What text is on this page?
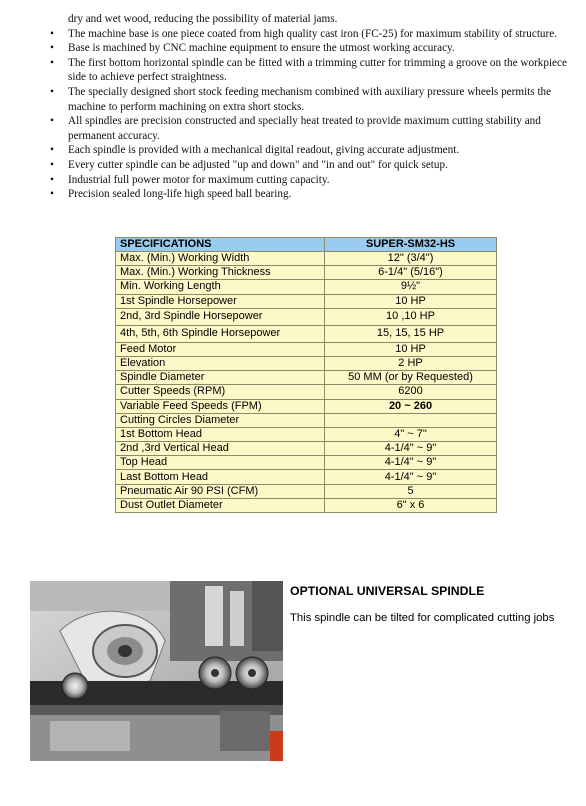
dry and wet wood, reducing the possibility of material jams.
• The machine base is one piece coated from high quality cast iron (FC-25) for maximum stability of structure.
• Base is machined by CNC machine equipment to ensure the utmost working accuracy.
• The first bottom horizontal spindle can be fitted with a trimming cutter for trimming a groove on the workpiece side to achieve perfect straightness.
• The specially designed short stock feeding mechanism combined with auxiliary pressure wheels permits the machine to perform machining on extra short stocks.
• All spindles are precision constructed and specially heat treated to provide maximum cutting stability and permanent accuracy.
• Each spindle is provided with a mechanical digital readout, giving accurate adjustment.
• Every cutter spindle can be adjusted "up and down" and "in and out" for quick setup.
• Industrial full power motor for maximum cutting capacity.
• Precision sealed long-life high speed ball bearing.
SPECIFICATIONS	SUPER-SM32-HS
Max. (Min.) Working Width	12" (3/4")
Max. (Min.) Working Thickness	6-1/4" (5/16")
Min. Working Length	9½"
1st Spindle Horsepower	10 HP
2nd, 3rd Spindle Horsepower	10 ,10 HP
4th, 5th, 6th Spindle Horsepower	15, 15, 15 HP
Feed Motor	10 HP
Elevation	2 HP
Spindle Diameter	50 MM (or by Requested)
Cutter Speeds (RPM)	6200
Variable Feed Speeds (FPM)	20 ~ 260
Cutting Circles Diameter	
1st Bottom Head	4" ~ 7"
2nd ,3rd Vertical Head	4-1/4" ~ 9"
Top Head	4-1/4" ~ 9"
Last Bottom Head	4-1/4" ~ 9"
Pneumatic Air 90 PSI (CFM)	5
Dust Outlet Diameter	6" x 6
OPTIONAL UNIVERSAL SPINDLE
This spindle can be tilted for complicated cutting jobs
